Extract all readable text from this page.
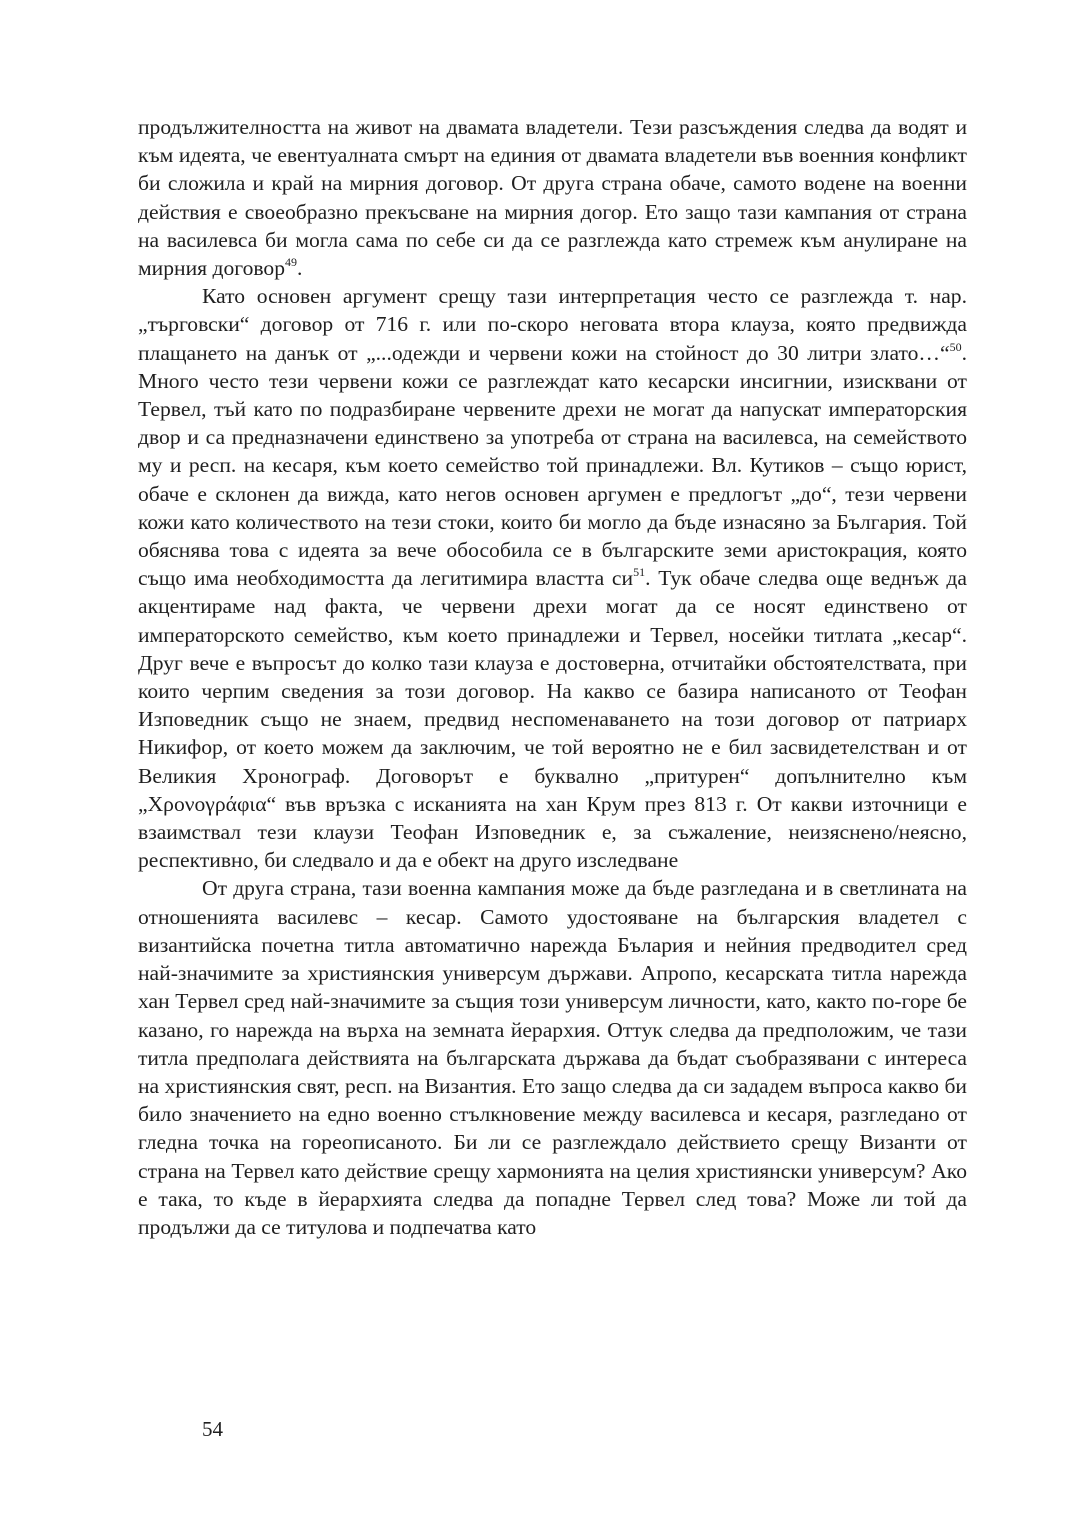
продължителността на живот на двамата владетели. Тези разсъждения следва да водят и към идеята, че евентуалната смърт на единия от двамата владетели във военния конфликт би сложила и край на мирния договор. От друга страна обаче, самото водене на военни действия е своеобразно прекъсване на мирния догор. Ето защо тази кампания от страна на василевса би могла сама по себе си да се разглежда като стремеж към анулиране на мирния договор$^{49}$.

Като основен аргумент срещу тази интерпретация често се разглежда т. нар. „търговски“ договор от 716 г. или по-скоро неговата втора клауза, която предвижда плащането на данък от „...одежди и червени кожи на стойност до 30 литри злато…“$^{50}$. Много често тези червени кожи се разглеждат като кесарски инсигнии, изисквани от Тервел, тъй като по подразбиране червените дрехи не могат да напускат императорския двор и са предназначени единствено за употреба от страна на василевса, на семейството му и респ. на кесаря, към което семейство той принадлежи. Вл. Кутиков – също юрист, обаче е склонен да вижда, като негов основен аргумен е предлогът „до“, тези червени кожи като количеството на тези стоки, които би могло да бъде изнасяно за България. Той обяснява това с идеята за вече обособила се в българските земи аристокрация, която също има необходимостта да легитимира властта $си^{51}$. Тук обаче следва още веднъж да акцентираме над факта, че червени дрехи могат да се носят единствено от императорското семейство, към което принадлежи и Тервел, носейки титлата „кесар“. Друг вече е въпросът до колко тази клауза е достоверна, отчитайки обстоятелствата, при които черпим сведения за този договор. На какво се базира написаното от Теофан Изповедник също не знаем, предвид неспоменаването на този договор от патриарх Никифор, от което можем да заключим, че той вероятно не е бил засвидетелстван и от Великия Хронограф. Договорът е буквално „притурен“ допълнително към „Χρονογράφια“ във връзка с исканията на хан Крум през 813 г. От какви източници е взаимствал тези клаузи Теофан Изповедник е, за съжаление, неизяснено/неясно, респективно, би следвало и да е обект на друго изследване

От друга страна, тази военна кампания може да бъде разгледана и в светлината на отношенията василевс – кесар. Самото удостояване на българския владетел с византийска почетна титла автоматично нарежда Бълария и нейния предводител сред най-значимите за християнския универсум държави. Апропо, кесарската титла нарежда хан Тервел сред най-значимите за същия този универсум личности, като, както по-горе бе казано, го нарежда на върха на земната йерархия. Оттук следва да предположим, че тази титла предполага действията на българската държава да бъдат съобразявани с интереса на християнския свят, респ. на Византия. Ето защо следва да си зададем въпроса какво би било значението на едно военно стълкновение между василевса и кесаря, разгледано от гледна точка на гореописаното. Би ли се разглеждало действието срещу Византи от страна на Тервел като действие срещу хармонията на целия християнски универсум? Ако е така, то къде в йерархията следва да попадне Тервел след това? Може ли той да продължи да се титулова и подпечатва като

54
